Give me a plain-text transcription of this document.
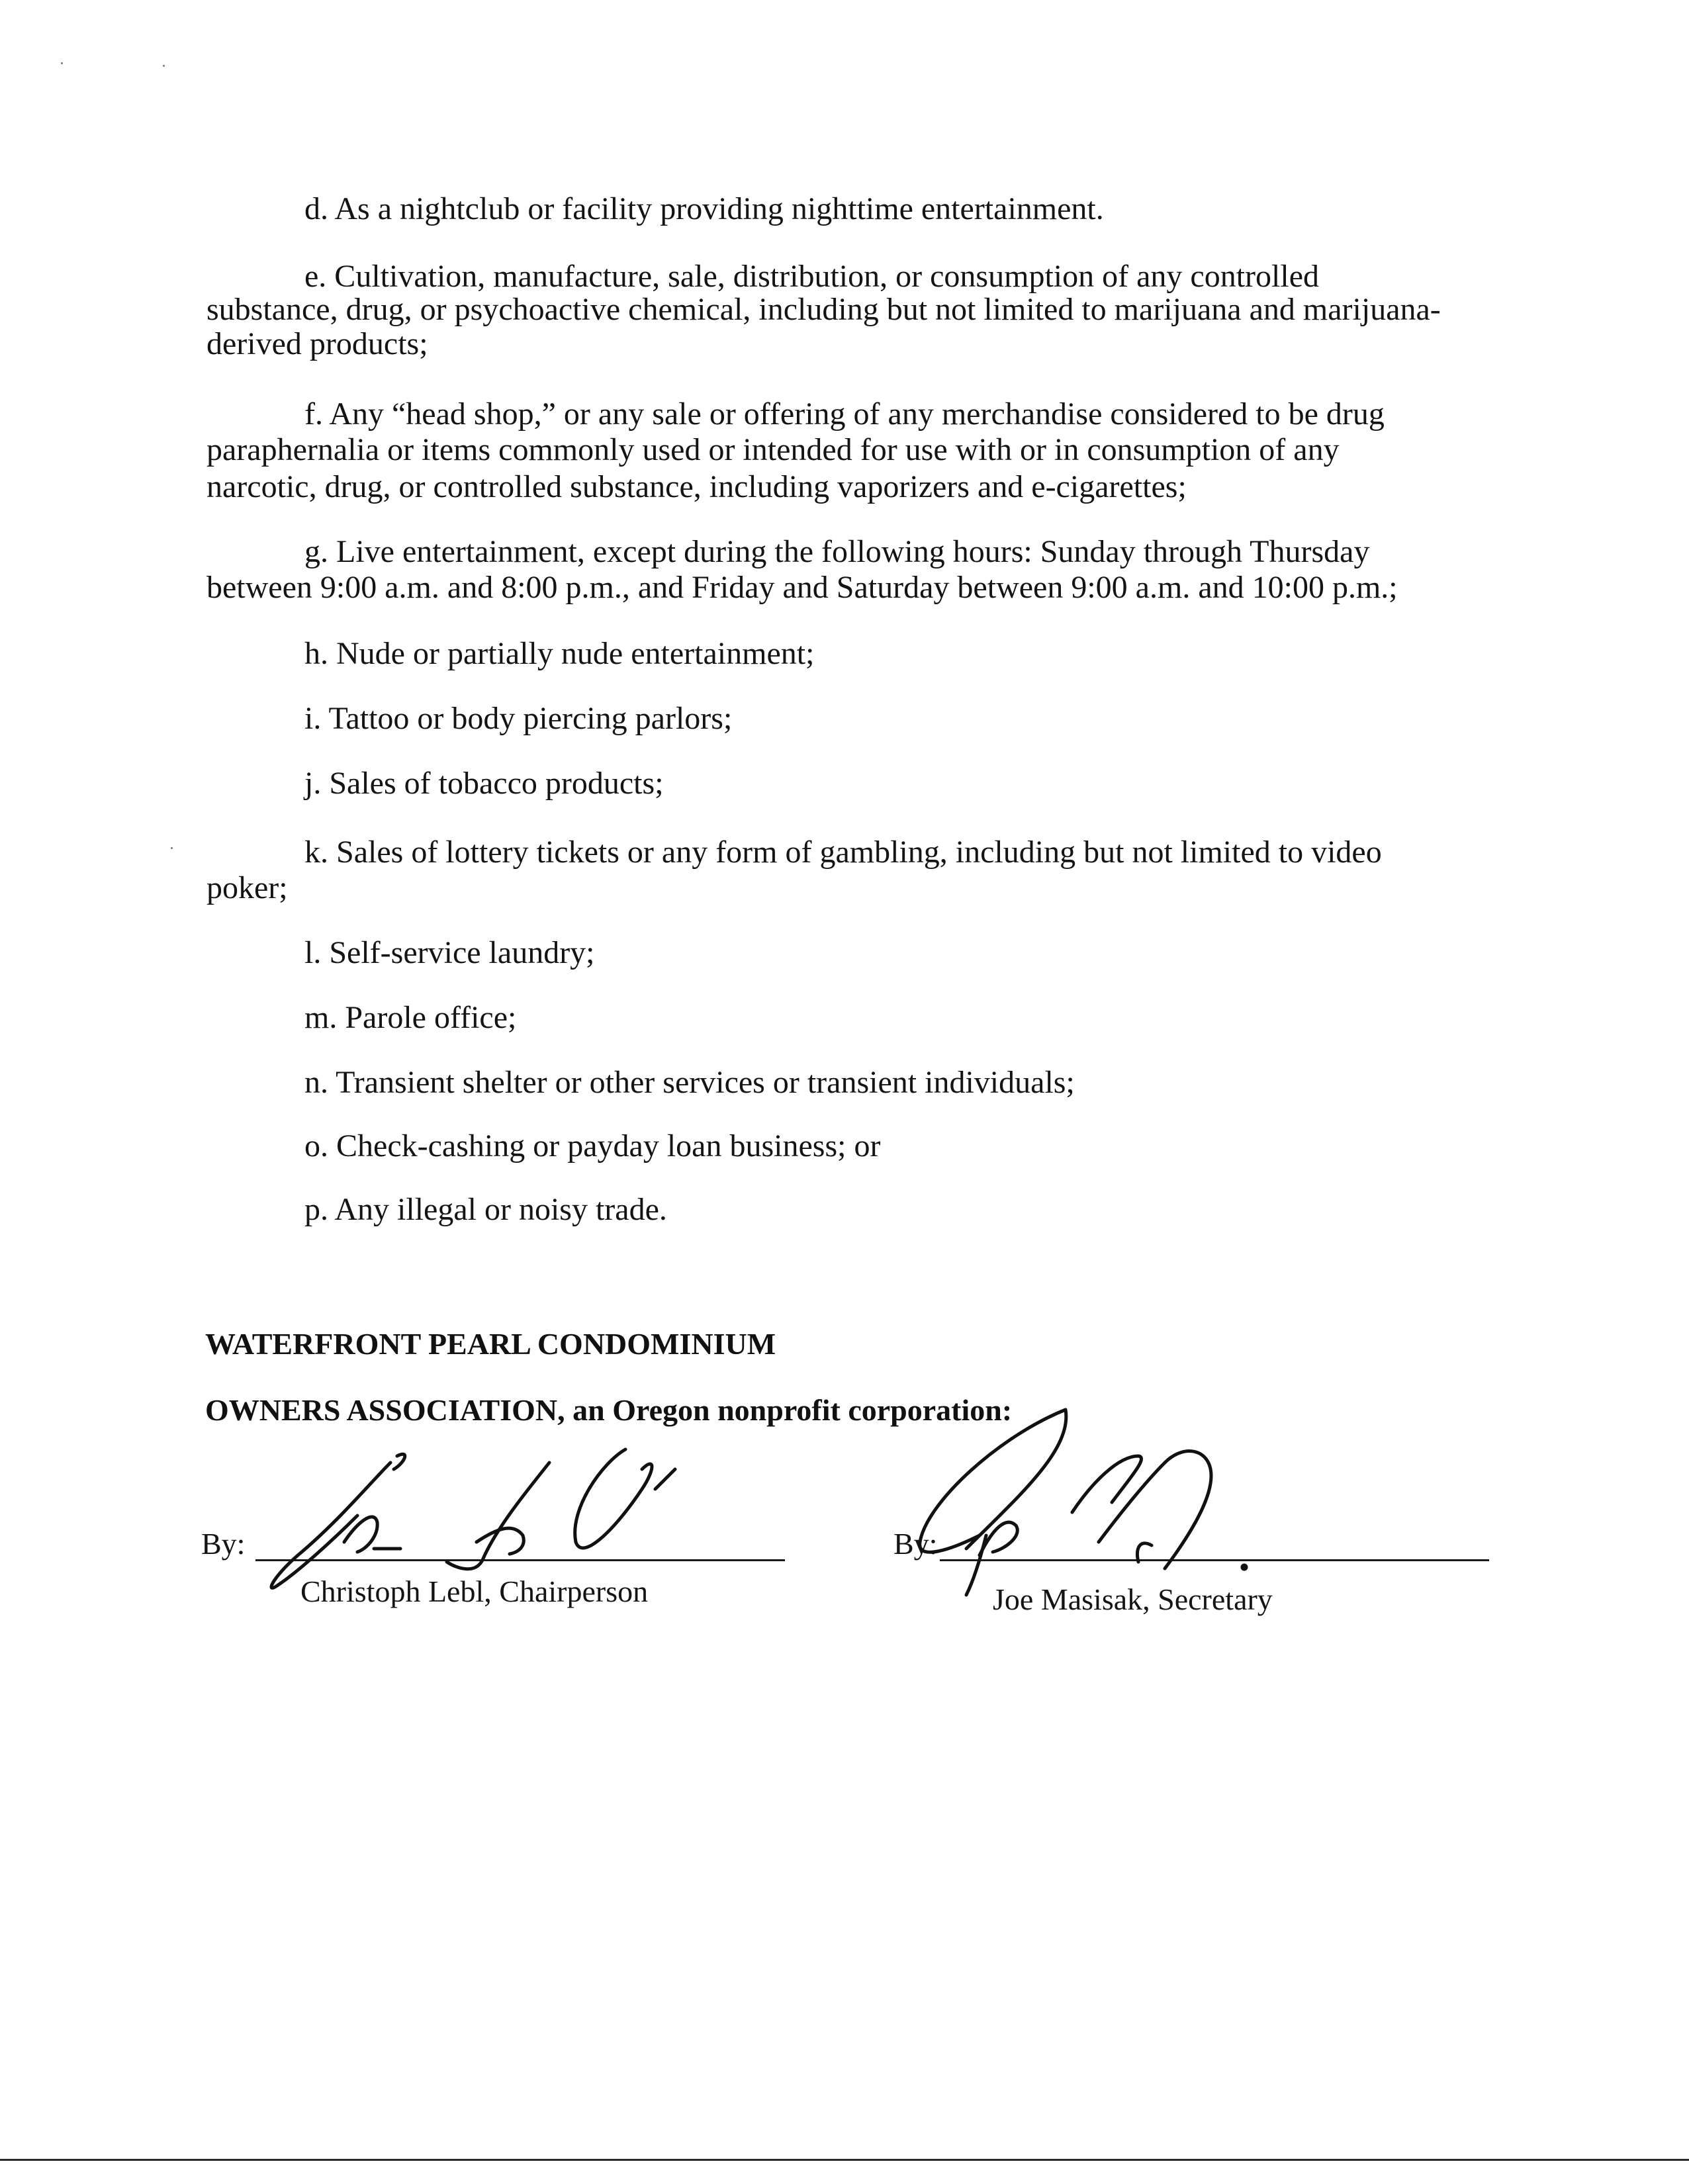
d. As a nightclub or facility providing nighttime entertainment.
e. Cultivation, manufacture, sale, distribution, or consumption of any controlled
substance, drug, or psychoactive chemical, including but not limited to marijuana and marijuana-
derived products;
f. Any “head shop,” or any sale or offering of any merchandise considered to be drug
paraphernalia or items commonly used or intended for use with or in consumption of any
narcotic, drug, or controlled substance, including vaporizers and e-cigarettes;
g. Live entertainment, except during the following hours: Sunday through Thursday
between 9:00 a.m. and 8:00 p.m., and Friday and Saturday between 9:00 a.m. and 10:00 p.m.;
h. Nude or partially nude entertainment;
i. Tattoo or body piercing parlors;
j. Sales of tobacco products;
k. Sales of lottery tickets or any form of gambling, including but not limited to video
poker;
l. Self-service laundry;
m. Parole office;
n. Transient shelter or other services or transient individuals;
o. Check-cashing or payday loan business; or
p. Any illegal or noisy trade.
WATERFRONT PEARL CONDOMINIUM
OWNERS ASSOCIATION, an Oregon nonprofit corporation:
By:
Christoph Lebl, Chairperson
By:
Joe Masisak, Secretary
